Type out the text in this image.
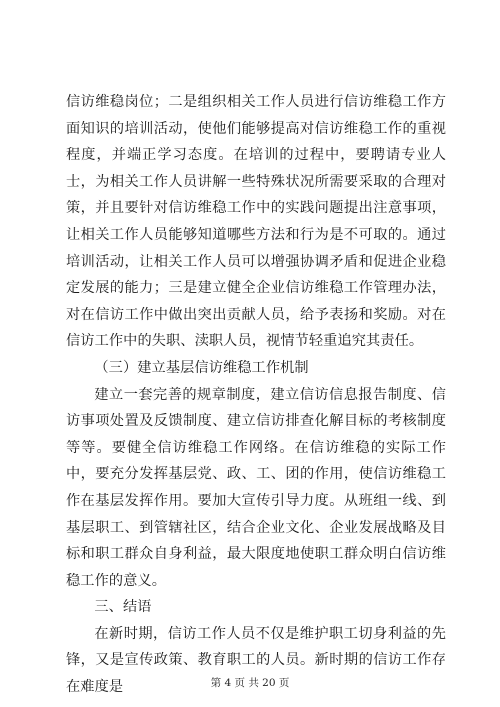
信访维稳岗位；二是组织相关工作人员进行信访维稳工作方面知识的培训活动，使他们能够提高对信访维稳工作的重视程度，并端正学习态度。在培训的过程中，要聘请专业人士，为相关工作人员讲解一些特殊状况所需要采取的合理对策，并且要针对信访维稳工作中的实践问题提出注意事项，让相关工作人员能够知道哪些方法和行为是不可取的。通过培训活动，让相关工作人员可以增强协调矛盾和促进企业稳定发展的能力；三是建立健全企业信访维稳工作管理办法，对在信访工作中做出突出贡献人员，给予表扬和奖励。对在信访工作中的失职、渎职人员，视情节轻重追究其责任。

（三）建立基层信访维稳工作机制

建立一套完善的规章制度，建立信访信息报告制度、信访事项处置及反馈制度、建立信访排查化解目标的考核制度等等。要健全信访维稳工作网络。在信访维稳的实际工作中，要充分发挥基层党、政、工、团的作用，使信访维稳工作在基层发挥作用。要加大宣传引导力度。从班组一线、到基层职工、到管辖社区，结合企业文化、企业发展战略及目标和职工群众自身利益，最大限度地使职工群众明白信访维稳工作的意义。

三、结语

在新时期，信访工作人员不仅是维护职工切身利益的先锋，又是宣传政策、教育职工的人员。新时期的信访工作存在难度是	第 4 页 共 20 页
